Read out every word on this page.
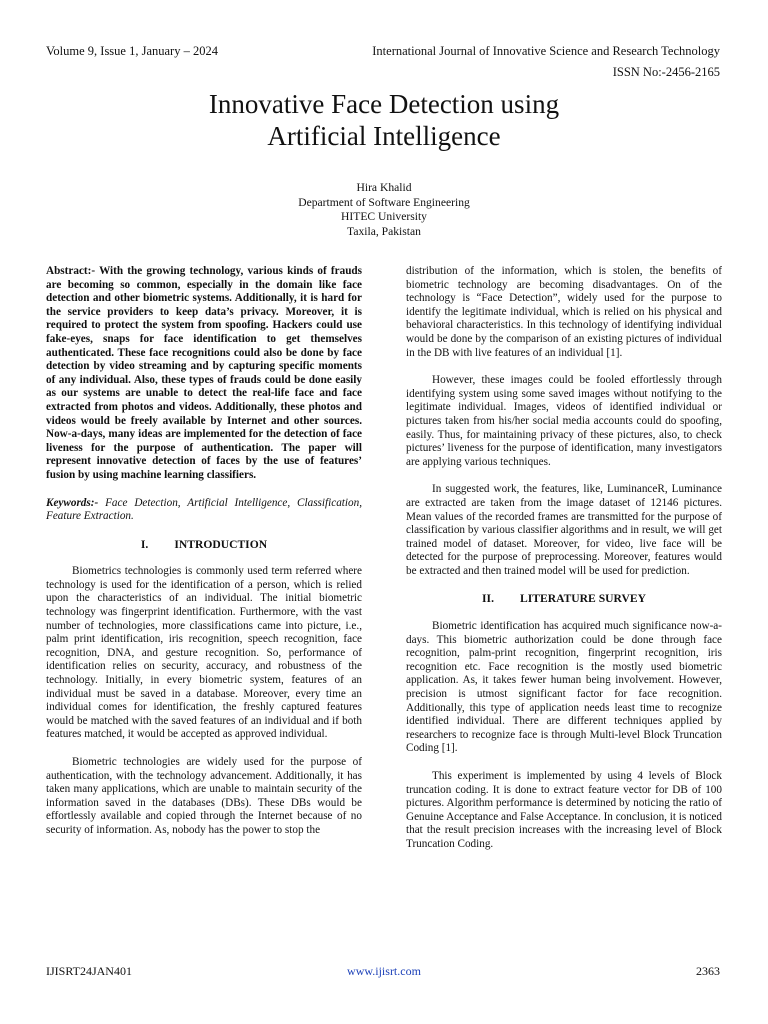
Volume 9, Issue 1, January – 2024	International Journal of Innovative Science and Research Technology
ISSN No:-2456-2165
Innovative Face Detection using
Artificial Intelligence
Hira Khalid
Department of Software Engineering
HITEC University
Taxila, Pakistan

Abstract:- With the growing technology, various kinds of frauds are becoming so common, especially in the domain like face detection and other biometric systems. Additionally, it is hard for the service providers to keep data’s privacy. Moreover, it is required to protect the system from spoofing. Hackers could use fake-eyes, snaps for face identification to get themselves authenticated. These face recognitions could also be done by face detection by video streaming and by capturing specific moments of any individual. Also, these types of frauds could be done easily as our systems are unable to detect the real-life face and face extracted from photos and videos. Additionally, these photos and videos would be freely available by Internet and other sources. Now-a-days, many ideas are implemented for the detection of face liveness for the purpose of authentication. The paper will represent innovative detection of faces by the use of features’ fusion by using machine learning classifiers.

Keywords:- Face Detection, Artificial Intelligence, Classification, Feature Extraction.

I. INTRODUCTION

Biometrics technologies is commonly used term referred where technology is used for the identification of a person, which is relied upon the characteristics of an individual. The initial biometric technology was fingerprint identification. Furthermore, with the vast number of technologies, more classifications came into picture, i.e., palm print identification, iris recognition, speech recognition, face recognition, DNA, and gesture recognition. So, performance of identification relies on security, accuracy, and robustness of the technology. Initially, in every biometric system, features of an individual must be saved in a database. Moreover, every time an individual comes for identification, the freshly captured features would be matched with the saved features of an individual and if both features matched, it would be accepted as approved individual.

Biometric technologies are widely used for the purpose of authentication, with the technology advancement. Additionally, it has taken many applications, which are unable to maintain security of the information saved in the databases (DBs). These DBs would be effortlessly available and copied through the Internet because of no security of information. As, nobody has the power to stop the

distribution of the information, which is stolen, the benefits of biometric technology are becoming disadvantages. On of the technology is “Face Detection”, widely used for the purpose to identify the legitimate individual, which is relied on his physical and behavioral characteristics. In this technology of identifying individual would be done by the comparison of an existing pictures of individual in the DB with live features of an individual [1].

However, these images could be fooled effortlessly through identifying system using some saved images without notifying to the legitimate individual. Images, videos of identified individual or pictures taken from his/her social media accounts could do spoofing, easily. Thus, for maintaining privacy of these pictures, also, to check pictures’ liveness for the purpose of identification, many investigators are applying various techniques.

In suggested work, the features, like, LuminanceR, Luminance are extracted are taken from the image dataset of 12146 pictures. Mean values of the recorded frames are transmitted for the purpose of classification by various classifier algorithms and in result, we will get trained model of dataset. Moreover, for video, live face will be detected for the purpose of preprocessing. Moreover, features would be extracted and then trained model will be used for prediction.

II. LITERATURE SURVEY

Biometric identification has acquired much significance now-a-days. This biometric authorization could be done through face recognition, palm-print recognition, fingerprint recognition, iris recognition etc. Face recognition is the mostly used biometric application. As, it takes fewer human being involvement. However, precision is utmost significant factor for face recognition. Additionally, this type of application needs least time to recognize identified individual. There are different techniques applied by researchers to recognize face is through Multi-level Block Truncation Coding [1].

This experiment is implemented by using 4 levels of Block truncation coding. It is done to extract feature vector for DB of 100 pictures. Algorithm performance is determined by noticing the ratio of Genuine Acceptance and False Acceptance. In conclusion, it is noticed that the result precision increases with the increasing level of Block Truncation Coding.

IJISRT24JAN401	www.ijisrt.com	2363
